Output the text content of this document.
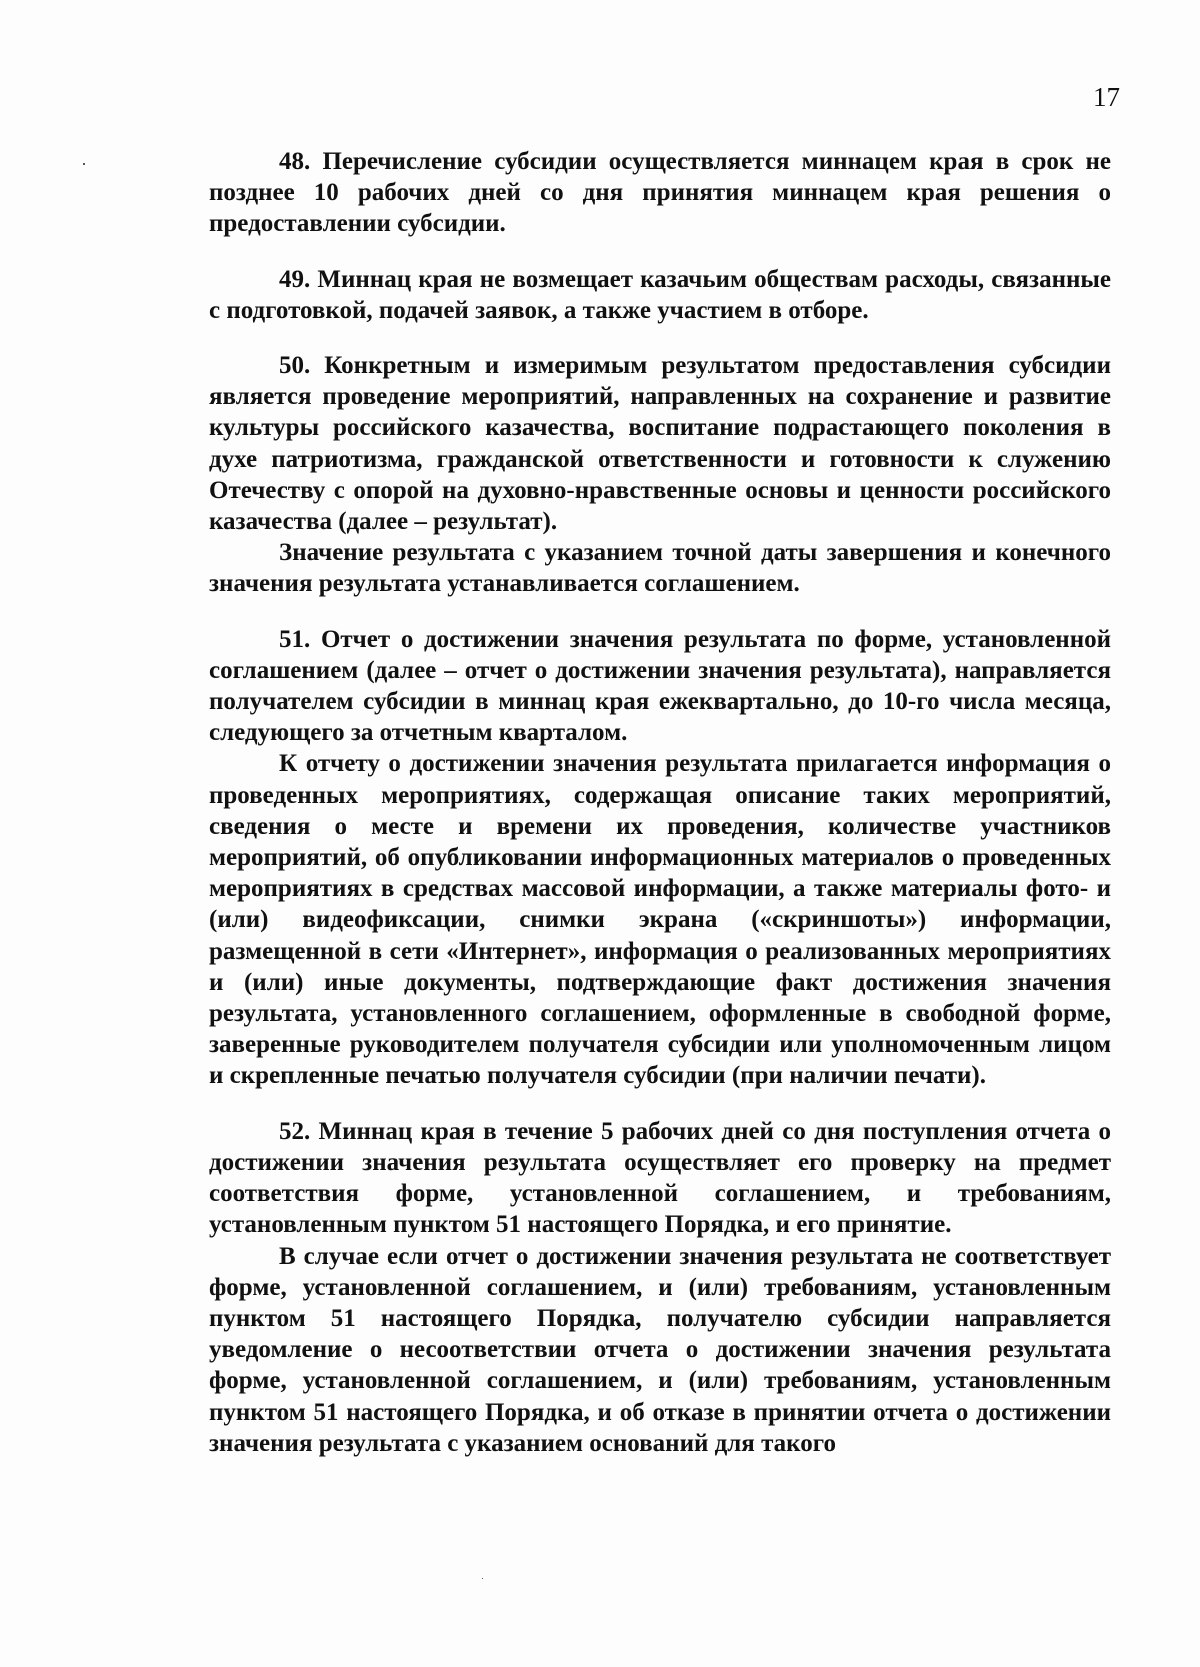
17

48. Перечисление субсидии осуществляется миннацем края в срок не позднее 10 рабочих дней со дня принятия миннацем края решения о предоставлении субсидии.

49. Миннац края не возмещает казачьим обществам расходы, связанные с подготовкой, подачей заявок, а также участием в отборе.

50. Конкретным и измеримым результатом предоставления субсидии является проведение мероприятий, направленных на сохранение и развитие культуры российского казачества, воспитание подрастающего поколения в духе патриотизма, гражданской ответственности и готовности к служению Отечеству с опорой на духовно-нравственные основы и ценности российского казачества (далее – результат).

Значение результата с указанием точной даты завершения и конечного значения результата устанавливается соглашением.

51. Отчет о достижении значения результата по форме, установленной соглашением (далее – отчет о достижении значения результата), направляется получателем субсидии в миннац края ежеквартально, до 10-го числа месяца, следующего за отчетным кварталом.

К отчету о достижении значения результата прилагается информация о проведенных мероприятиях, содержащая описание таких мероприятий, сведения о месте и времени их проведения, количестве участников мероприятий, об опубликовании информационных материалов о проведенных мероприятиях в средствах массовой информации, а также материалы фото- и (или) видеофиксации, снимки экрана («скриншоты») информации, размещенной в сети «Интернет», информация о реализованных мероприятиях и (или) иные документы, подтверждающие факт достижения значения результата, установленного соглашением, оформленные в свободной форме, заверенные руководителем получателя субсидии или уполномоченным лицом и скрепленные печатью получателя субсидии (при наличии печати).

52. Миннац края в течение 5 рабочих дней со дня поступления отчета о достижении значения результата осуществляет его проверку на предмет соответствия форме, установленной соглашением, и требованиям, установленным пунктом 51 настоящего Порядка, и его принятие.

В случае если отчет о достижении значения результата не соответствует форме, установленной соглашением, и (или) требованиям, установленным пунктом 51 настоящего Порядка, получателю субсидии направляется уведомление о несоответствии отчета о достижении значения результата форме, установленной соглашением, и (или) требованиям, установленным пунктом 51 настоящего Порядка, и об отказе в принятии отчета о достижении значения результата с указанием оснований для такого
